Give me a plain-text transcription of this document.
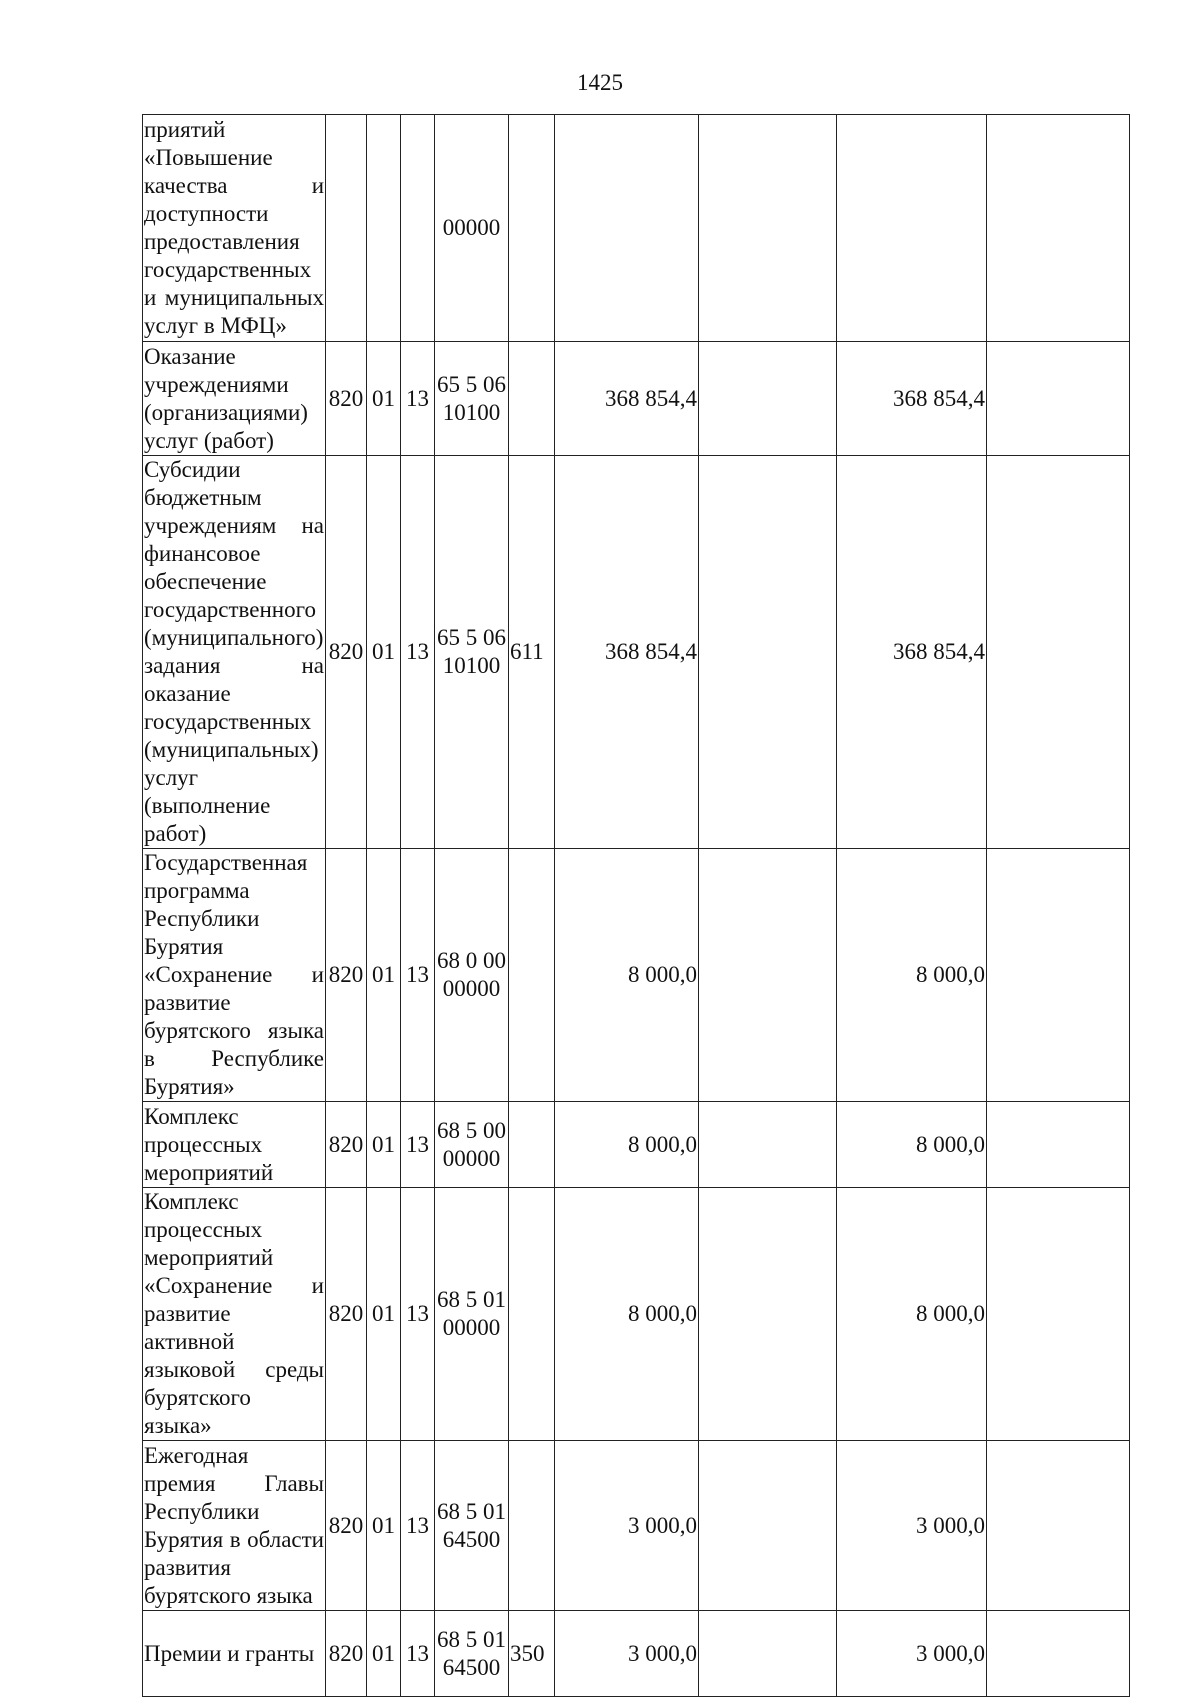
1425
приятий «Повышение качества и доступности предоставления государственных и муниципальных услуг в МФЦ»				00000					
Оказание учреждениями (организациями) услуг (работ)	820	01	13	65 5 06 10100		368 854,4		368 854,4	
Субсидии бюджетным учреждениям на финансовое обеспечение государственного (муниципального) задания на оказание государственных (муниципальных) услуг (выполнение работ)	820	01	13	65 5 06 10100	611	368 854,4		368 854,4	
Государственная программа Республики Бурятия «Сохранение и развитие бурятского языка в Республике Бурятия»	820	01	13	68 0 00 00000		8 000,0		8 000,0	
Комплекс процессных мероприятий	820	01	13	68 5 00 00000		8 000,0		8 000,0	
Комплекс процессных мероприятий «Сохранение и развитие активной языковой среды бурятского языка»	820	01	13	68 5 01 00000		8 000,0		8 000,0	
Ежегодная премия Главы Республики Бурятия в области развития бурятского языка	820	01	13	68 5 01 64500		3 000,0		3 000,0	
Премии и гранты	820	01	13	68 5 01 64500	350	3 000,0		3 000,0	
